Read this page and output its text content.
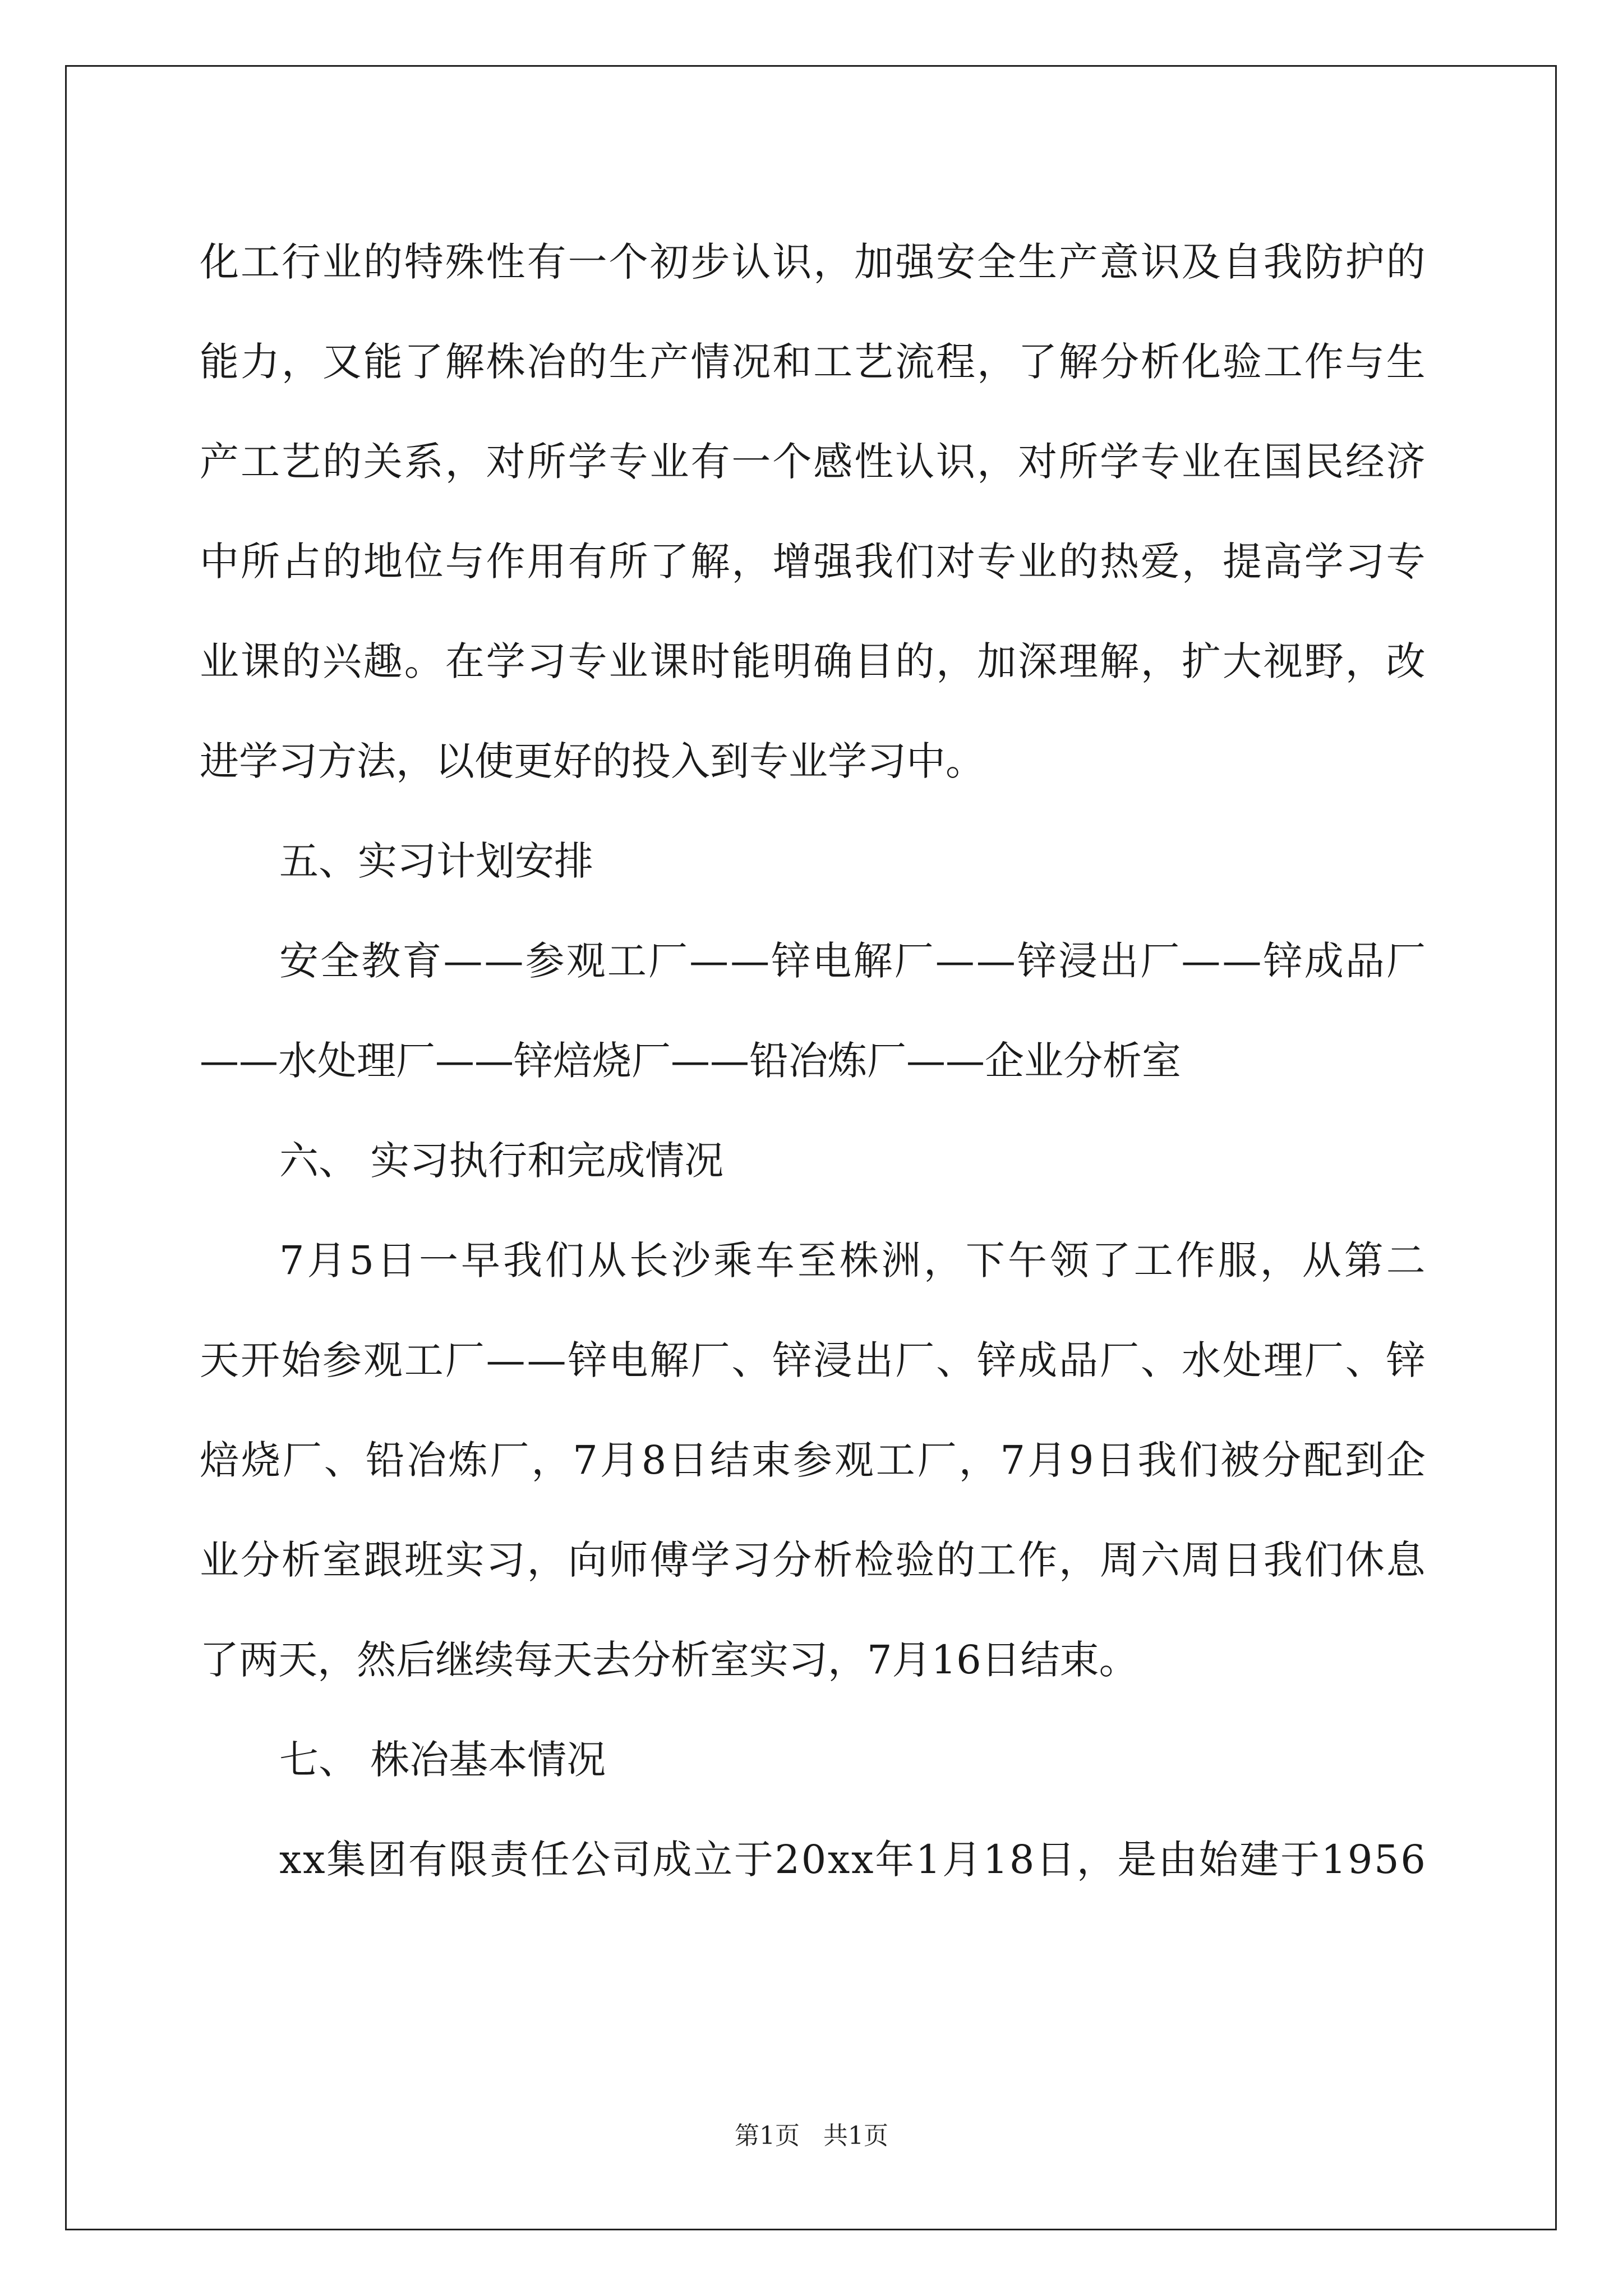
化 工 行 业 的 特 殊 性 有 一 个 初 步 认 识 ， 加 强 安 全 生 产 意 识 及 自 我 防 护 的
能 力 ， 又 能 了 解 株 冶 的 生 产 情 况 和 工 艺 流 程 ， 了 解 分 析 化 验 工 作 与 生
产 工 艺 的 关 系 ， 对 所 学 专 业 有 一 个 感 性 认 识 ， 对 所 学 专 业 在 国 民 经 济
中 所 占 的 地 位 与 作 用 有 所 了 解 ， 增 强 我 们 对 专 业 的 热 爱 ， 提 高 学 习 专
业 课 的 兴 趣 。 在 学 习 专 业 课 时 能 明 确 目 的 ， 加 深 理 解 ， 扩 大 视 野 ， 改
进学习方法，以使更好的投入到专业学习中。
五、实习计划安排
安 全 教 育 — — 参 观 工 厂 — — 锌 电 解 厂 — — 锌 浸 出 厂 — — 锌 成 品 厂
——水处理厂——锌焙烧厂——铅冶炼厂——企业分析室
六、 实习执行和完成情况
7 月 5 日 一 早 我 们 从 长 沙 乘 车 至 株 洲 ， 下 午 领 了 工 作 服 ， 从 第 二
天 开 始 参 观 工 厂 — — 锌 电 解 厂 、 锌 浸 出 厂 、 锌 成 品 厂 、 水 处 理 厂 、 锌
焙 烧 厂 、 铅 冶 炼 厂 ， 7 月 8 日 结 束 参 观 工 厂 ， 7 月 9 日 我 们 被 分 配 到 企
业 分 析 室 跟 班 实 习 ， 向 师 傅 学 习 分 析 检 验 的 工 作 ， 周 六 周 日 我 们 休 息
了两天，然后继续每天去分析室实习，7月16日结束。
七、 株冶基本情况
x x 集 团 有 限 责 任 公 司 成 立 于 2 0 x x 年 1 月 1 8 日 ， 是 由 始 建 于 1 9 5 6
第1页   共1页
